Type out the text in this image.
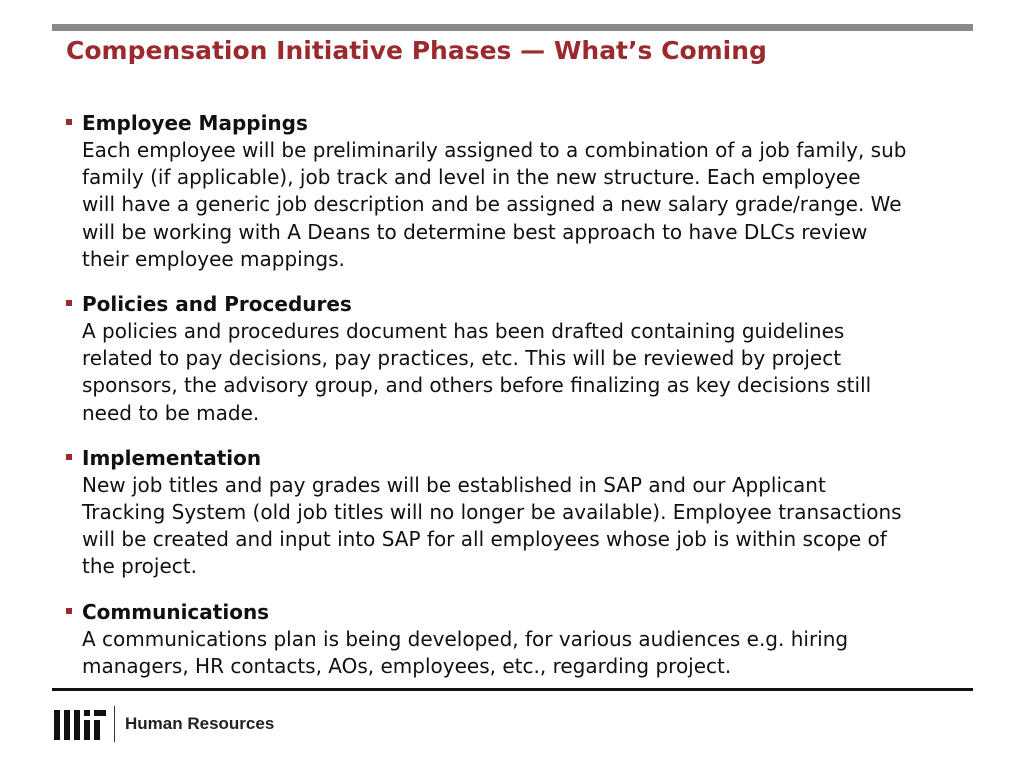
Compensation Initiative Phases — What’s Coming
Employee Mappings
Each employee will be preliminarily assigned to a combination of a job family, sub
family (if applicable), job track and level in the new structure. Each employee
will have a generic job description and be assigned a new salary grade/range. We
will be working with A Deans to determine best approach to have DLCs review
their employee mappings.
Policies and Procedures
A policies and procedures document has been drafted containing guidelines
related to pay decisions, pay practices, etc. This will be reviewed by project
sponsors, the advisory group, and others before finalizing as key decisions still
need to be made.
Implementation
New job titles and pay grades will be established in SAP and our Applicant
Tracking System (old job titles will no longer be available). Employee transactions
will be created and input into SAP for all employees whose job is within scope of
the project.
Communications
A communications plan is being developed, for various audiences e.g. hiring
managers, HR contacts, AOs, employees, etc., regarding project.
Human Resources
